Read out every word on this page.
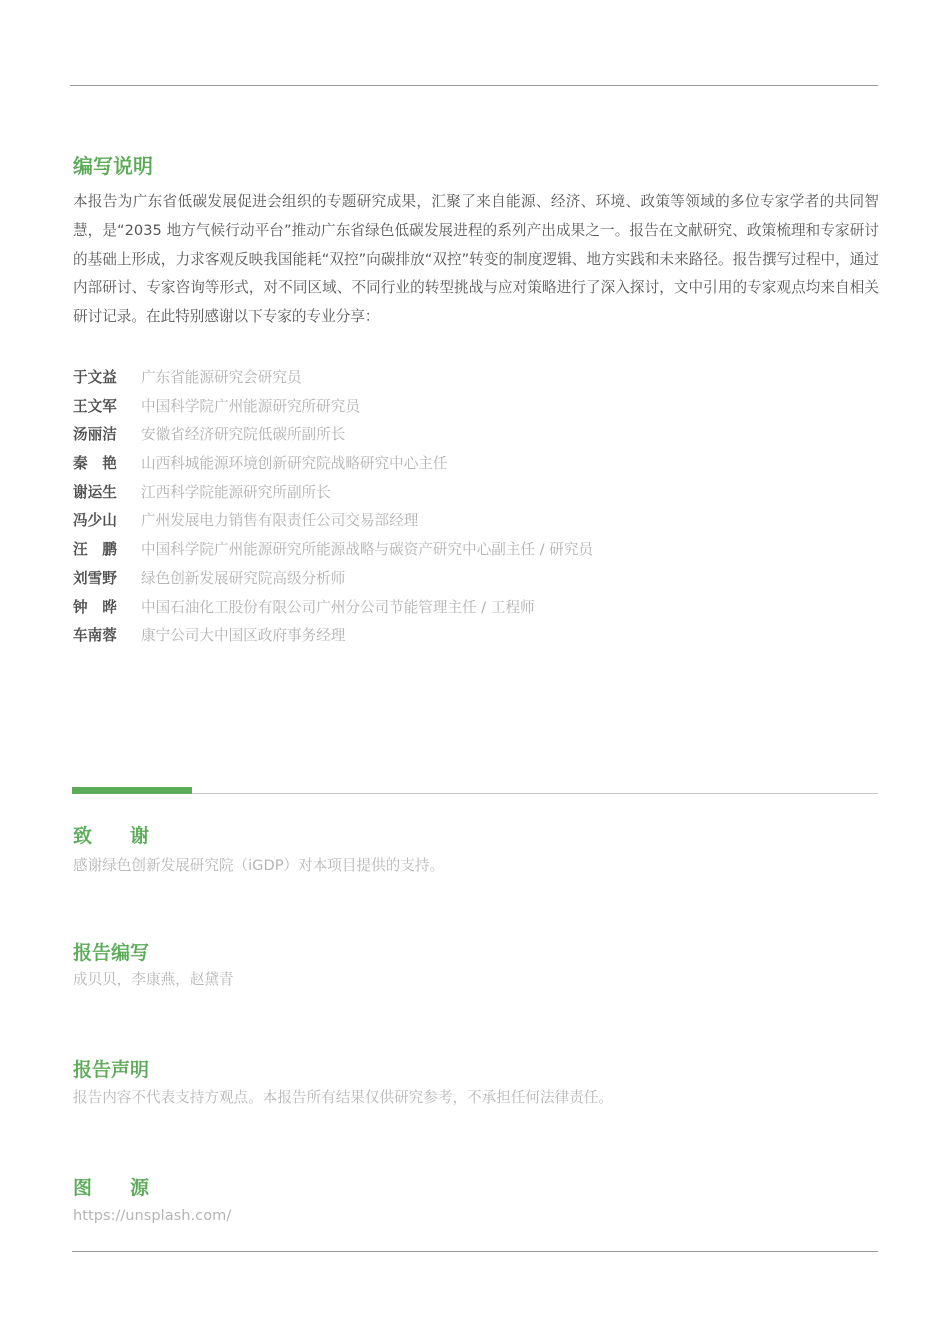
编写说明

本报告为广东省低碳发展促进会组织的专题研究成果，汇聚了来自能源、经济、环境、政策等领域的多位专家学者的共同智慧，是“2035 地方气候行动平台”推动广东省绿色低碳发展进程的系列产出成果之一。报告在文献研究、政策梳理和专家研讨的基础上形成，力求客观反映我国能耗“双控”向碳排放“双控”转变的制度逻辑、地方实践和未来路径。报告撰写过程中，通过内部研讨、专家咨询等形式，对不同区域、不同行业的转型挑战与应对策略进行了深入探讨，文中引用的专家观点均来自相关研讨记录。在此特别感谢以下专家的专业分享：

于文益 广东省能源研究会研究员
王文军 中国科学院广州能源研究所研究员
汤丽洁 安徽省经济研究院低碳所副所长
秦　艳 山西科城能源环境创新研究院战略研究中心主任
谢运生 江西科学院能源研究所副所长
冯少山 广州发展电力销售有限责任公司交易部经理
汪　鹏 中国科学院广州能源研究所能源战略与碳资产研究中心副主任 / 研究员
刘雪野 绿色创新发展研究院高级分析师
钟　晔 中国石油化工股份有限公司广州分公司节能管理主任 / 工程师
车南蓉 康宁公司大中国区政府事务经理
致　　谢

感谢绿色创新发展研究院（iGDP）对本项目提供的支持。

报告编写

成贝贝，李康燕，赵黛青

报告声明

报告内容不代表支持方观点。本报告所有结果仅供研究参考，不承担任何法律责任。

图　　源

https://unsplash.com/
